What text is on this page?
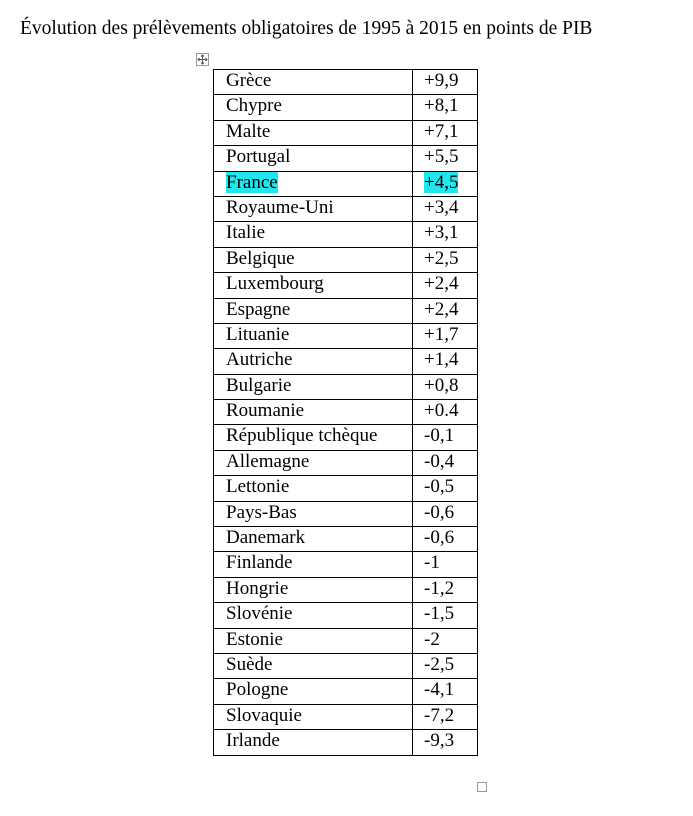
Évolution des prélèvements obligatoires de 1995 à 2015 en points de PIB
Grèce	+9,9
Chypre	+8,1
Malte	+7,1
Portugal	+5,5
France	+4,5
Royaume-Uni	+3,4
Italie	+3,1
Belgique	+2,5
Luxembourg	+2,4
Espagne	+2,4
Lituanie	+1,7
Autriche	+1,4
Bulgarie	+0,8
Roumanie	+0.4
République tchèque	-0,1
Allemagne	-0,4
Lettonie	-0,5
Pays-Bas	-0,6
Danemark	-0,6
Finlande	-1
Hongrie	-1,2
Slovénie	-1,5
Estonie	-2
Suède	-2,5
Pologne	-4,1
Slovaquie	-7,2
Irlande	-9,3
